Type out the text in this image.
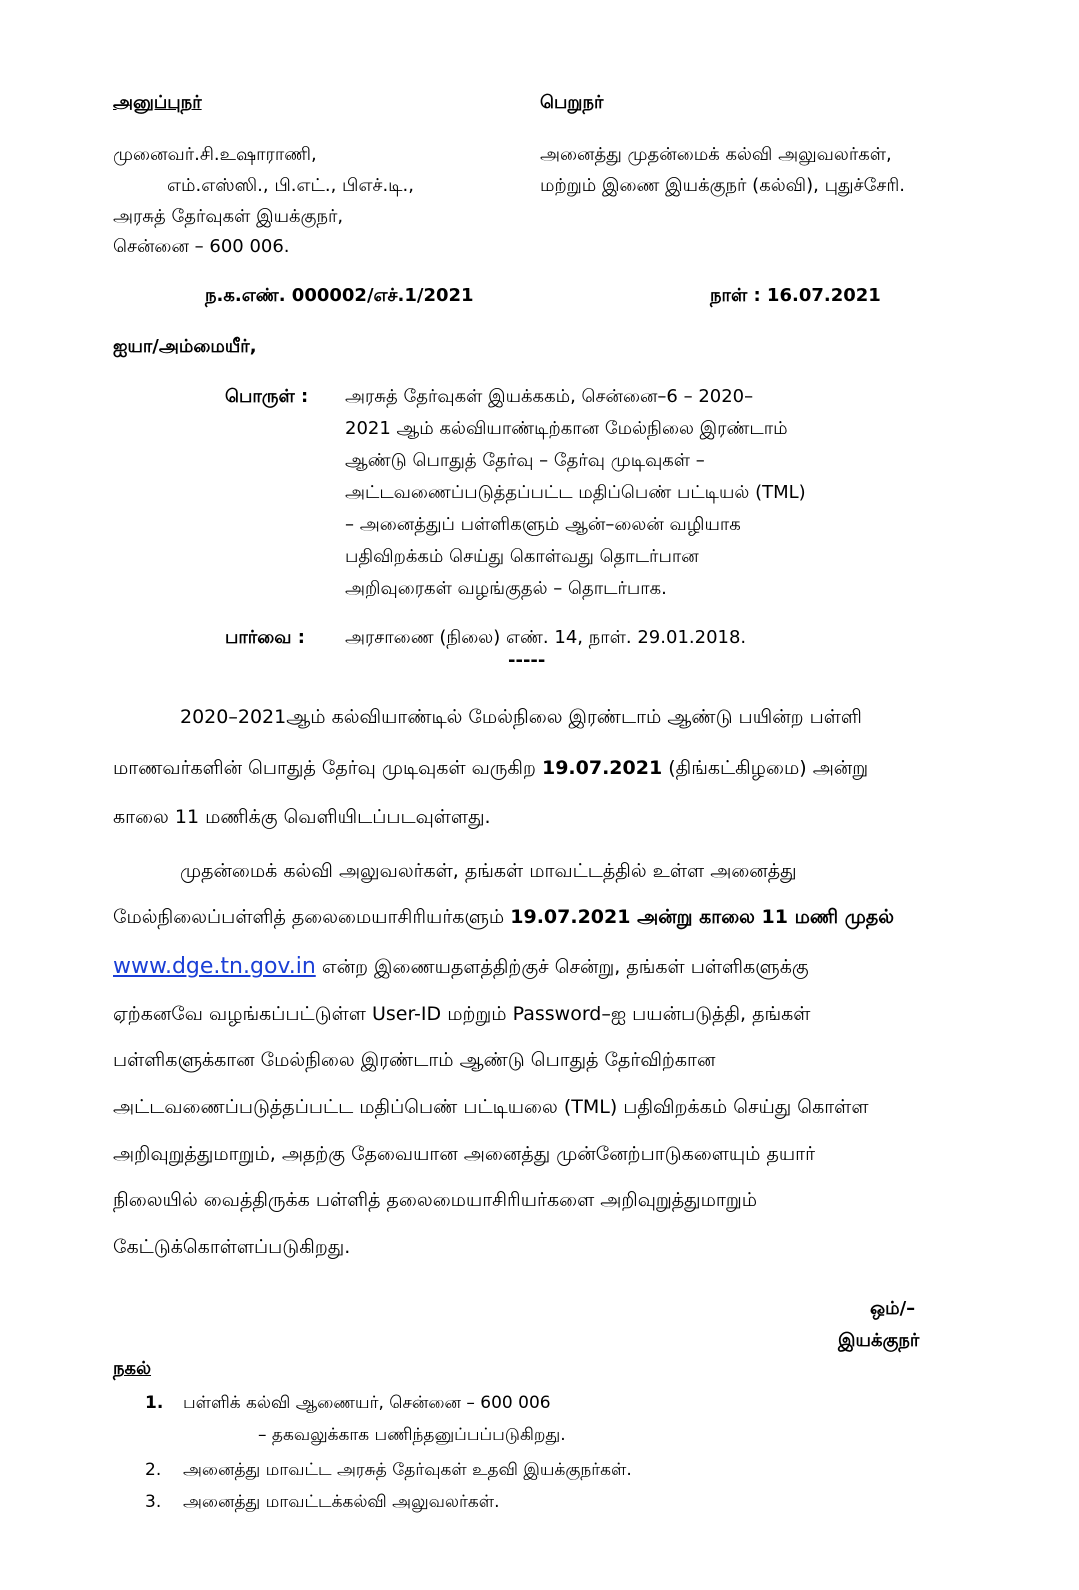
அனுப்புநர்	பெறுநர்
முனைவர்.சி.உஷாராணி,
எம்.எஸ்ஸி., பி.எட்., பிஎச்.டி.,
அரசுத் தேர்வுகள் இயக்குநர்,
சென்னை – 600 006.
அனைத்து முதன்மைக் கல்வி அலுவலர்கள்,
மற்றும் இணை இயக்குநர் (கல்வி), புதுச்சேரி.
ந.க.எண். 000002/எச்.1/2021	நாள் : 16.07.2021
ஐயா/அம்மையீர்,
பொருள் : அரசுத் தேர்வுகள் இயக்ககம், சென்னை–6 – 2020–
2021 ஆம் கல்வியாண்டிற்கான மேல்நிலை இரண்டாம்
ஆண்டு பொதுத் தேர்வு – தேர்வு முடிவுகள் –
அட்டவணைப்படுத்தப்பட்ட மதிப்பெண் பட்டியல் (TML)
– அனைத்துப் பள்ளிகளும் ஆன்–லைன் வழியாக
பதிவிறக்கம் செய்து கொள்வது தொடர்பான
அறிவுரைகள் வழங்குதல் – தொடர்பாக.
பார்வை : அரசாணை (நிலை) எண். 14, நாள். 29.01.2018.
-----
2020–2021ஆம் கல்வியாண்டில் மேல்நிலை இரண்டாம் ஆண்டு பயின்ற பள்ளி
மாணவர்களின் பொதுத் தேர்வு முடிவுகள் வருகிற 19.07.2021 (திங்கட்கிழமை) அன்று
காலை 11 மணிக்கு வெளியிடப்படவுள்ளது.
முதன்மைக் கல்வி அலுவலர்கள், தங்கள் மாவட்டத்தில் உள்ள அனைத்து
மேல்நிலைப்பள்ளித் தலைமையாசிரியர்களும் 19.07.2021 அன்று காலை 11 மணி முதல்
www.dge.tn.gov.in என்ற இணையதளத்திற்குச் சென்று, தங்கள் பள்ளிகளுக்கு
ஏற்கனவே வழங்கப்பட்டுள்ள User-ID மற்றும் Password–ஐ பயன்படுத்தி, தங்கள்
பள்ளிகளுக்கான மேல்நிலை இரண்டாம் ஆண்டு பொதுத் தேர்விற்கான
அட்டவணைப்படுத்தப்பட்ட மதிப்பெண் பட்டியலை (TML) பதிவிறக்கம் செய்து கொள்ள
அறிவுறுத்துமாறும், அதற்கு தேவையான அனைத்து முன்னேற்பாடுகளையும் தயார்
நிலையில் வைத்திருக்க பள்ளித் தலைமையாசிரியர்களை அறிவுறுத்துமாறும்
கேட்டுக்கொள்ளப்படுகிறது.
ஒம்/–
இயக்குநர்
நகல்
1. பள்ளிக் கல்வி ஆணையர், சென்னை – 600 006
– தகவலுக்காக பணிந்தனுப்பப்படுகிறது.
2. அனைத்து மாவட்ட அரசுத் தேர்வுகள் உதவி இயக்குநர்கள்.
3. அனைத்து மாவட்டக்கல்வி அலுவலர்கள்.
